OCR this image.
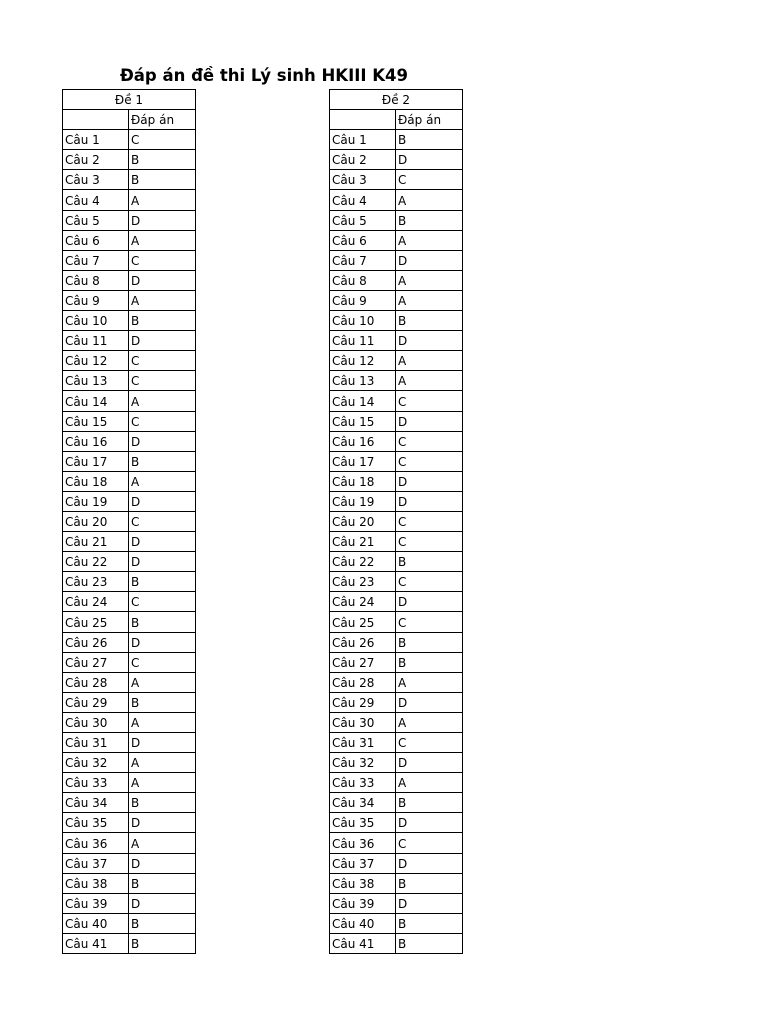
Đáp án đề thi Lý sinh HKIII K49
Đề 1	
	Đáp án
Câu 1	C
Câu 2	B
Câu 3	B
Câu 4	A
Câu 5	D
Câu 6	A
Câu 7	C
Câu 8	D
Câu 9	A
Câu 10	B
Câu 11	D
Câu 12	C
Câu 13	C
Câu 14	A
Câu 15	C
Câu 16	D
Câu 17	B
Câu 18	A
Câu 19	D
Câu 20	C
Câu 21	D
Câu 22	D
Câu 23	B
Câu 24	C
Câu 25	B
Câu 26	D
Câu 27	C
Câu 28	A
Câu 29	B
Câu 30	A
Câu 31	D
Câu 32	A
Câu 33	A
Câu 34	B
Câu 35	D
Câu 36	A
Câu 37	D
Câu 38	B
Câu 39	D
Câu 40	B
Câu 41	B
Đề 2	
	Đáp án
Câu 1	B
Câu 2	D
Câu 3	C
Câu 4	A
Câu 5	B
Câu 6	A
Câu 7	D
Câu 8	A
Câu 9	A
Câu 10	B
Câu 11	D
Câu 12	A
Câu 13	A
Câu 14	C
Câu 15	D
Câu 16	C
Câu 17	C
Câu 18	D
Câu 19	D
Câu 20	C
Câu 21	C
Câu 22	B
Câu 23	C
Câu 24	D
Câu 25	C
Câu 26	B
Câu 27	B
Câu 28	A
Câu 29	D
Câu 30	A
Câu 31	C
Câu 32	D
Câu 33	A
Câu 34	B
Câu 35	D
Câu 36	C
Câu 37	D
Câu 38	B
Câu 39	D
Câu 40	B
Câu 41	B
